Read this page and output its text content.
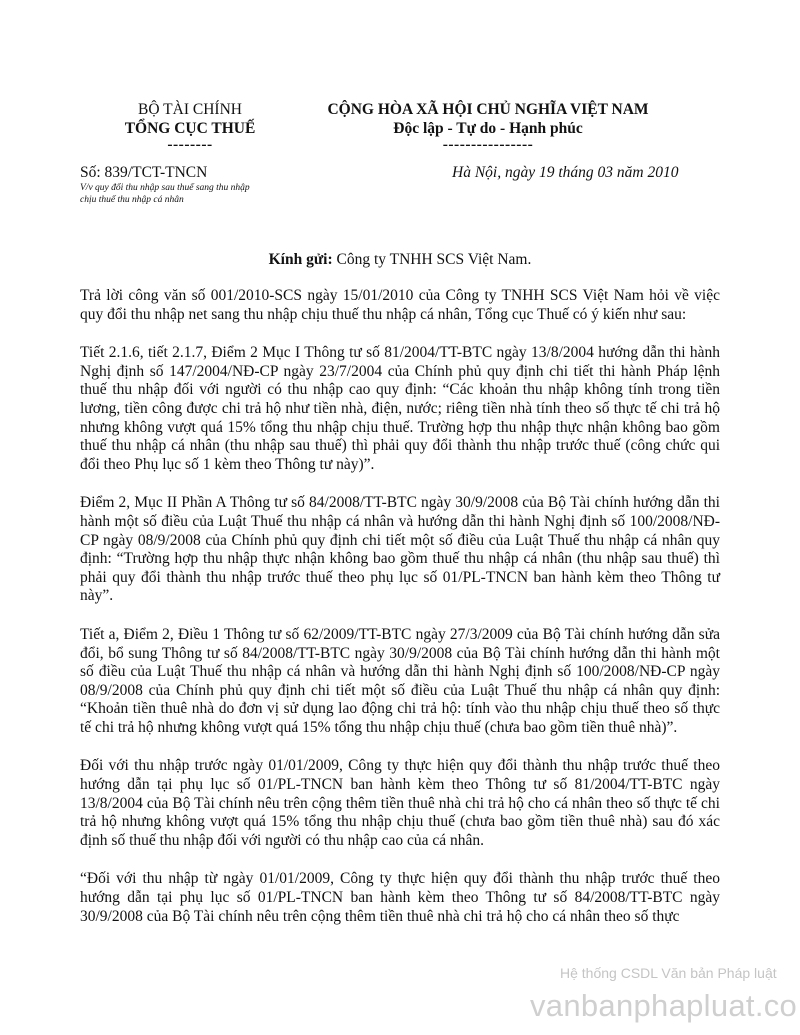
BỘ TÀI CHÍNH
TỔNG CỤC THUẾ
--------
CỘNG HÒA XÃ HỘI CHỦ NGHĨA VIỆT NAM
Độc lập - Tự do - Hạnh phúc
----------------
Số: 839/TCT-TNCN
V/v quy đổi thu nhập sau thuế sang thu nhập
chịu thuế thu nhập cá nhân
Hà Nội, ngày 19 tháng 03 năm 2010
Kính gửi: Công ty TNHH SCS Việt Nam.

Trả lời công văn số 001/2010-SCS ngày 15/01/2010 của Công ty TNHH SCS Việt Nam hỏi về việc quy đổi thu nhập net sang thu nhập chịu thuế thu nhập cá nhân, Tổng cục Thuế có ý kiến như sau:

Tiết 2.1.6, tiết 2.1.7, Điểm 2 Mục I Thông tư số 81/2004/TT-BTC ngày 13/8/2004 hướng dẫn thi hành Nghị định số 147/2004/NĐ-CP ngày 23/7/2004 của Chính phủ quy định chi tiết thi hành Pháp lệnh thuế thu nhập đối với người có thu nhập cao quy định: “Các khoản thu nhập không tính trong tiền lương, tiền công được chi trả hộ như tiền nhà, điện, nước; riêng tiền nhà tính theo số thực tế chi trả hộ nhưng không vượt quá 15% tổng thu nhập chịu thuế. Trường hợp thu nhập thực nhận không bao gồm thuế thu nhập cá nhân (thu nhập sau thuế) thì phải quy đổi thành thu nhập trước thuế (công chức qui đổi theo Phụ lục số 1 kèm theo Thông tư này)”.

Điểm 2, Mục II Phần A Thông tư số 84/2008/TT-BTC ngày 30/9/2008 của Bộ Tài chính hướng dẫn thi hành một số điều của Luật Thuế thu nhập cá nhân và hướng dẫn thi hành Nghị định số 100/2008/NĐ-CP ngày 08/9/2008 của Chính phủ quy định chi tiết một số điều của Luật Thuế thu nhập cá nhân quy định: “Trường hợp thu nhập thực nhận không bao gồm thuế thu nhập cá nhân (thu nhập sau thuế) thì phải quy đổi thành thu nhập trước thuế theo phụ lục số 01/PL-TNCN ban hành kèm theo Thông tư này”.

Tiết a, Điểm 2, Điều 1 Thông tư số 62/2009/TT-BTC ngày 27/3/2009 của Bộ Tài chính hướng dẫn sửa đổi, bổ sung Thông tư số 84/2008/TT-BTC ngày 30/9/2008 của Bộ Tài chính hướng dẫn thi hành một số điều của Luật Thuế thu nhập cá nhân và hướng dẫn thi hành Nghị định số 100/2008/NĐ-CP ngày 08/9/2008 của Chính phủ quy định chi tiết một số điều của Luật Thuế thu nhập cá nhân quy định: “Khoản tiền thuê nhà do đơn vị sử dụng lao động chi trả hộ: tính vào thu nhập chịu thuế theo số thực tế chi trả hộ nhưng không vượt quá 15% tổng thu nhập chịu thuế (chưa bao gồm tiền thuê nhà)”.

Đối với thu nhập trước ngày 01/01/2009, Công ty thực hiện quy đổi thành thu nhập trước thuế theo hướng dẫn tại phụ lục số 01/PL-TNCN ban hành kèm theo Thông tư số 81/2004/TT-BTC ngày 13/8/2004 của Bộ Tài chính nêu trên cộng thêm tiền thuê nhà chi trả hộ cho cá nhân theo số thực tế chi trả hộ nhưng không vượt quá 15% tổng thu nhập chịu thuế (chưa bao gồm tiền thuê nhà) sau đó xác định số thuế thu nhập đối với người có thu nhập cao của cá nhân.

“Đối với thu nhập từ ngày 01/01/2009, Công ty thực hiện quy đổi thành thu nhập trước thuế theo hướng dẫn tại phụ lục số 01/PL-TNCN ban hành kèm theo Thông tư số 84/2008/TT-BTC ngày 30/9/2008 của Bộ Tài chính nêu trên cộng thêm tiền thuê nhà chi trả hộ cho cá nhân theo số thực

Hệ thống CSDL Văn bản Pháp luật
vanbanphapluat.co
